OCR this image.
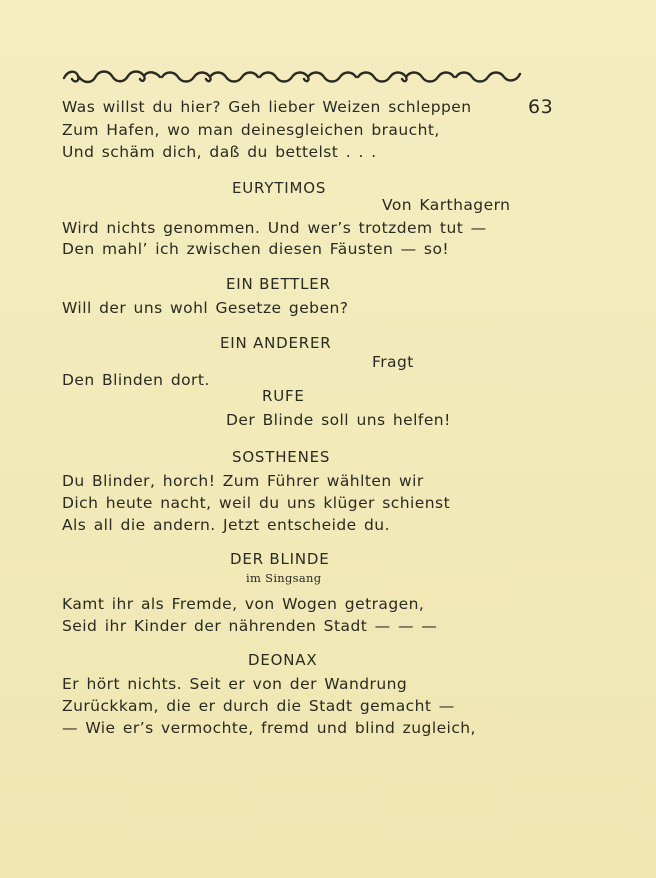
63
Was willst du hier? Geh lieber Weizen schleppen
Zum Hafen, wo man deinesgleichen braucht,
Und schäm dich, daß du bettelst . . .
EURYTIMOS
Von Karthagern
Wird nichts genommen. Und wer’s trotzdem tut —
Den mahl’ ich zwischen diesen Fäusten — so!
EIN BETTLER
Will der uns wohl Gesetze geben?
EIN ANDERER
Fragt
Den Blinden dort.
RUFE
Der Blinde soll uns helfen!
SOSTHENES
Du Blinder, horch! Zum Führer wählten wir
Dich heute nacht, weil du uns klüger schienst
Als all die andern. Jetzt entscheide du.
DER BLINDE
im Singsang
Kamt ihr als Fremde, von Wogen getragen,
Seid ihr Kinder der nährenden Stadt — — —
DEONAX
Er hört nichts. Seit er von der Wandrung
Zurückkam, die er durch die Stadt gemacht —
— Wie er’s vermochte, fremd und blind zugleich,
